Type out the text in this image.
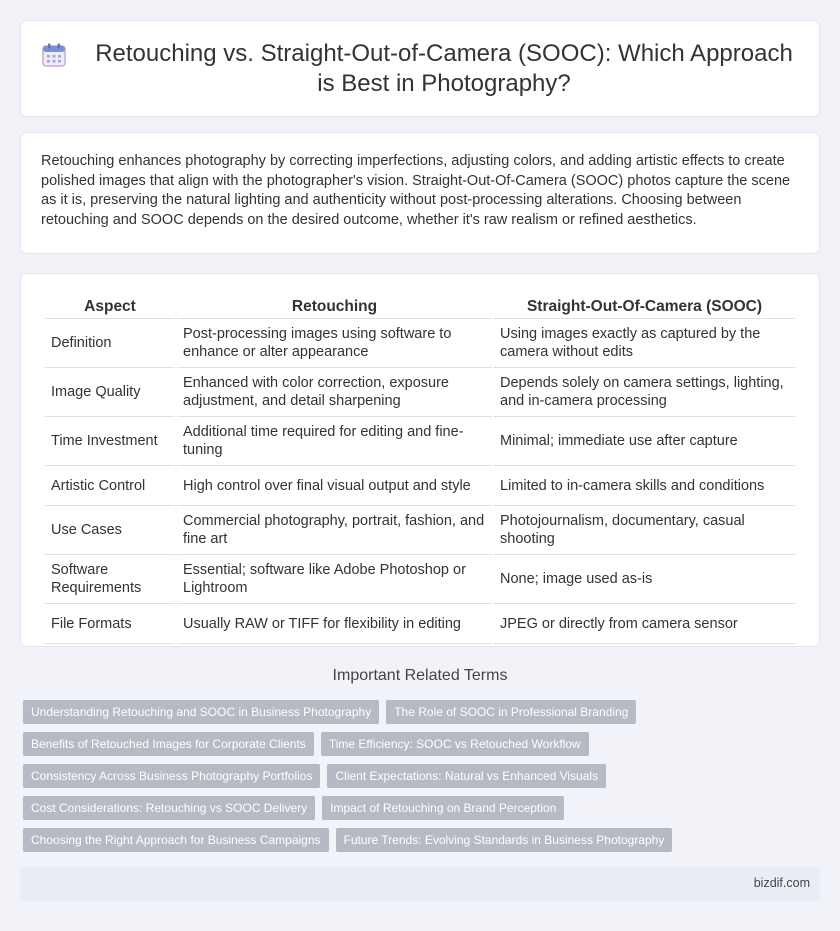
Retouching vs. Straight-Out-of-Camera (SOOC): Which Approach is Best in Photography?

Retouching enhances photography by correcting imperfections, adjusting colors, and adding artistic effects to create polished images that align with the photographer's vision. Straight-Out-Of-Camera (SOOC) photos capture the scene as it is, preserving the natural lighting and authenticity without post-processing alterations. Choosing between retouching and SOOC depends on the desired outcome, whether it's raw realism or refined aesthetics.

Aspect	Retouching	Straight-Out-Of-Camera (SOOC)
Definition	Post-processing images using software to enhance or alter appearance	Using images exactly as captured by the camera without edits
Image Quality	Enhanced with color correction, exposure adjustment, and detail sharpening	Depends solely on camera settings, lighting, and in-camera processing
Time Investment	Additional time required for editing and fine-tuning	Minimal; immediate use after capture
Artistic Control	High control over final visual output and style	Limited to in-camera skills and conditions
Use Cases	Commercial photography, portrait, fashion, and fine art	Photojournalism, documentary, casual shooting
Software Requirements	Essential; software like Adobe Photoshop or Lightroom	None; image used as-is
File Formats	Usually RAW or TIFF for flexibility in editing	JPEG or directly from camera sensor
Important Related Terms
Understanding Retouching and SOOC in Business Photography	The Role of SOOC in Professional Branding
Benefits of Retouched Images for Corporate Clients	Time Efficiency: SOOC vs Retouched Workflow
Consistency Across Business Photography Portfolios	Client Expectations: Natural vs Enhanced Visuals
Cost Considerations: Retouching vs SOOC Delivery	Impact of Retouching on Brand Perception
Choosing the Right Approach for Business Campaigns	Future Trends: Evolving Standards in Business Photography
bizdif.com
